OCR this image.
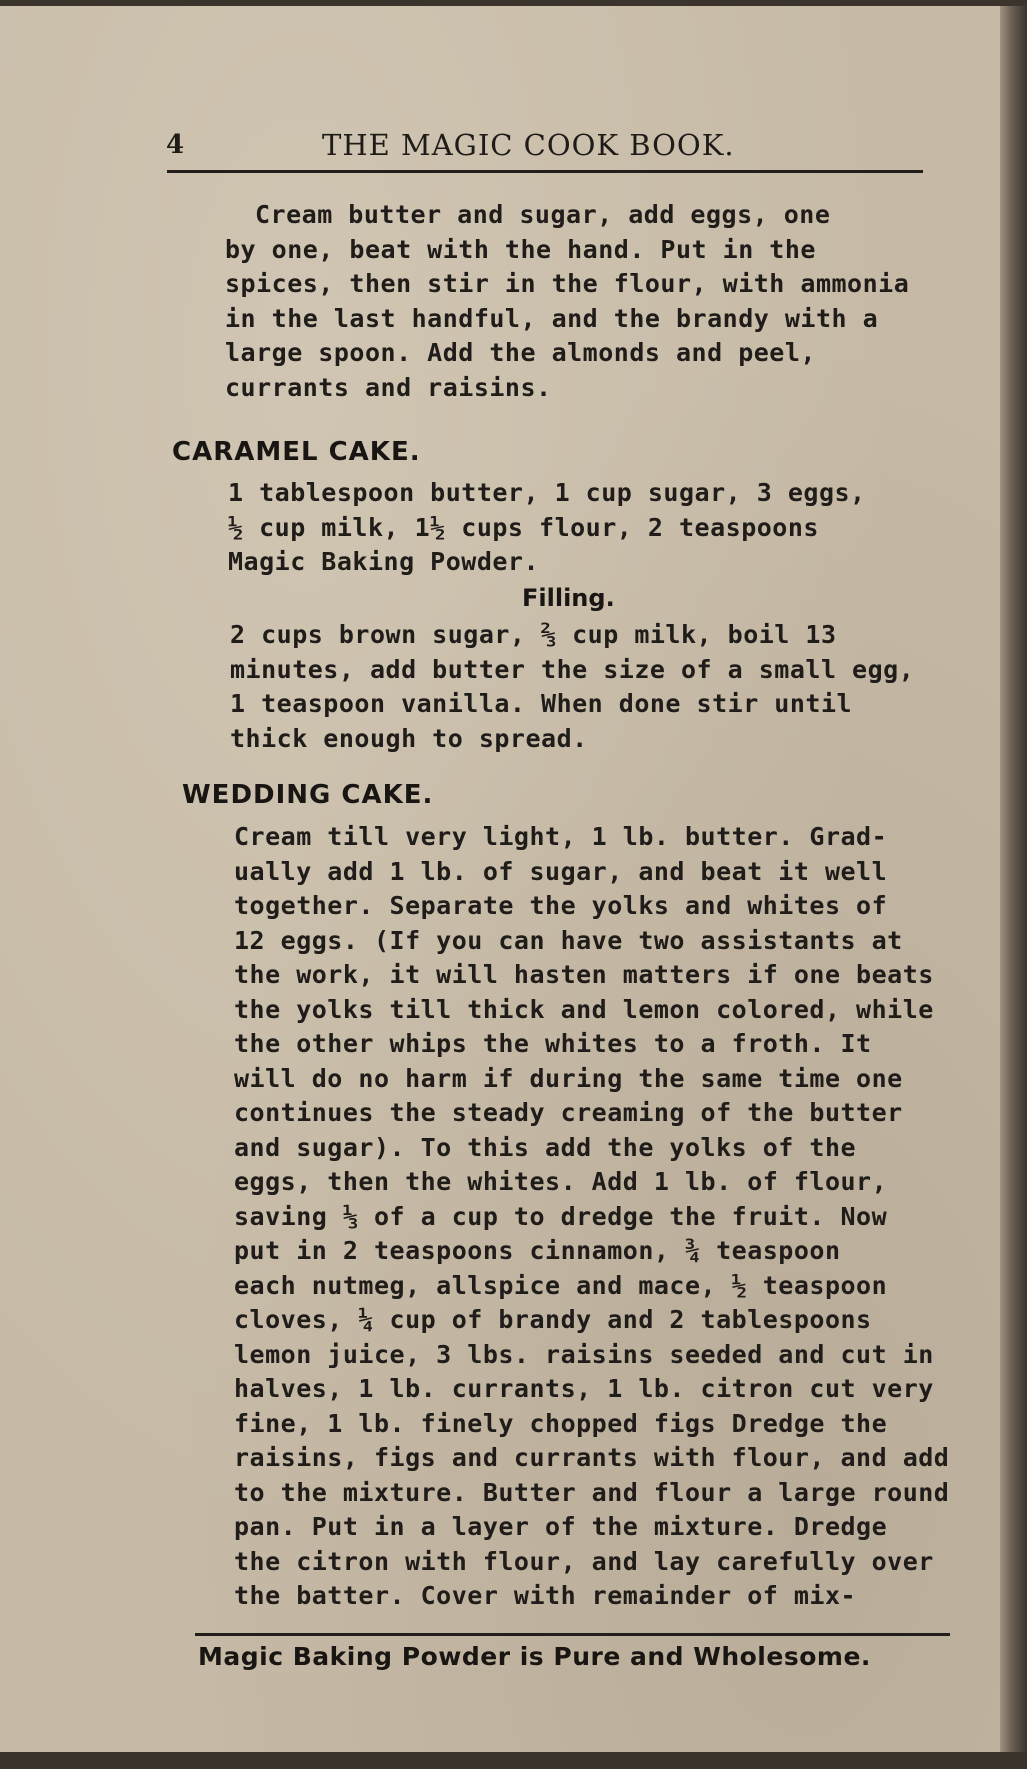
4	THE MAGIC COOK BOOK.
Cream butter and sugar, add eggs, one
by one, beat with the hand. Put in the
spices, then stir in the flour, with ammonia
in the last handful, and the brandy with a
large spoon. Add the almonds and peel,
currants and raisins.
CARAMEL CAKE.
1 tablespoon butter, 1 cup sugar, 3 eggs,
½ cup milk, 1½ cups flour, 2 teaspoons
Magic Baking Powder.
Filling.
2 cups brown sugar, ⅔ cup milk, boil 13
minutes, add butter the size of a small egg,
1 teaspoon vanilla. When done stir until
thick enough to spread.
WEDDING CAKE.
Cream till very light, 1 lb. butter. Grad-
ually add 1 lb. of sugar, and beat it well
together. Separate the yolks and whites of
12 eggs. (If you can have two assistants at
the work, it will hasten matters if one beats
the yolks till thick and lemon colored, while
the other whips the whites to a froth. It
will do no harm if during the same time one
continues the steady creaming of the butter
and sugar). To this add the yolks of the
eggs, then the whites. Add 1 lb. of flour,
saving ⅓ of a cup to dredge the fruit. Now
put in 2 teaspoons cinnamon, ¾ teaspoon
each nutmeg, allspice and mace, ½ teaspoon
cloves, ¼ cup of brandy and 2 tablespoons
lemon juice, 3 lbs. raisins seeded and cut in
halves, 1 lb. currants, 1 lb. citron cut very
fine, 1 lb. finely chopped figs Dredge the
raisins, figs and currants with flour, and add
to the mixture. Butter and flour a large round
pan. Put in a layer of the mixture. Dredge
the citron with flour, and lay carefully over
the batter. Cover with remainder of mix-
Magic Baking Powder is Pure and Wholesome.
